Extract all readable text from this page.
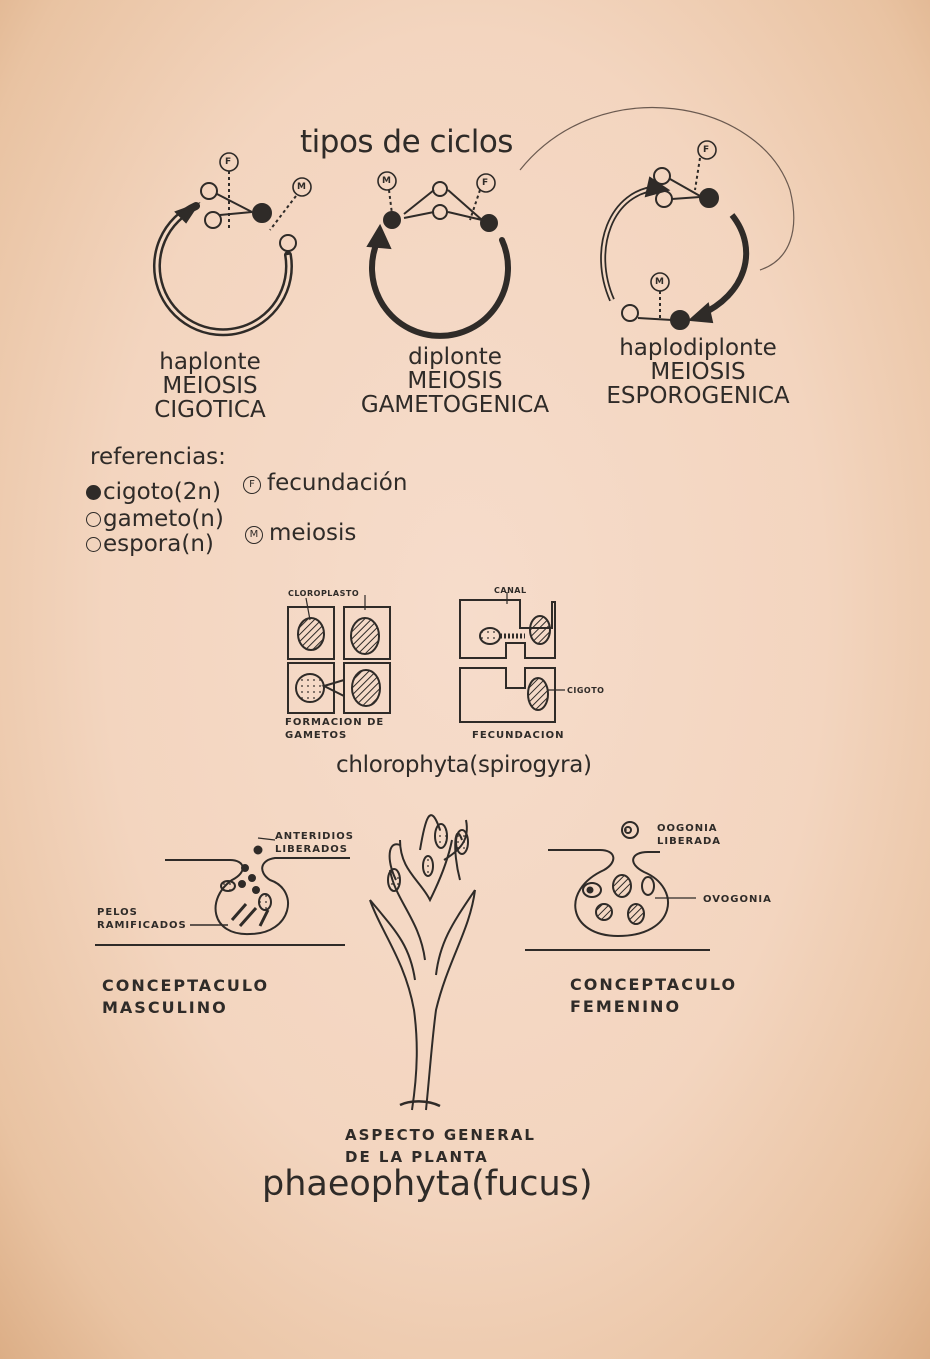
tipos de ciclos
F
M
M	F
F
M
haplonte
MEIOSIS
CIGOTICA
diplonte
MEIOSIS
GAMETOGENICA
haplodiplonte
MEIOSIS
ESPOROGENICA
referencias:
cigoto(2n)
gameto(n)
espora(n)
F fecundación
M meiosis
CLOROPLASTO	CANAL
CIGOTO
FORMACION DE
GAMETOS	FECUNDACION
chlorophyta(spirogyra)
ANTERIDIOS
LIBERADOS
PELOS
RAMIFICADOS
CONCEPTACULO
MASCULINO
OOGONIA
LIBERADA
OVOGONIA
CONCEPTACULO
FEMENINO
ASPECTO GENERAL
DE LA PLANTA
phaeophyta(fucus)
